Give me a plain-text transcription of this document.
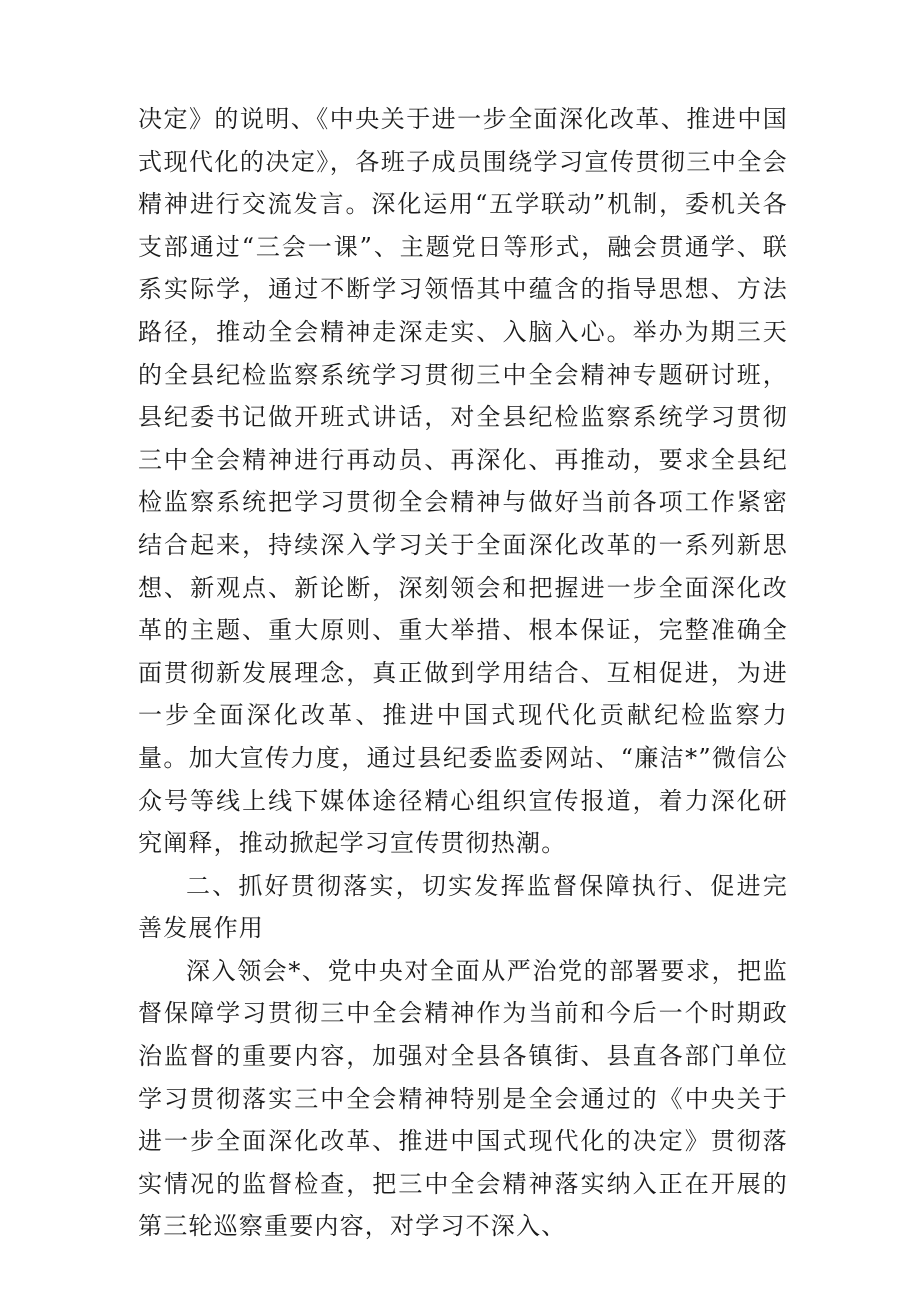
决定》的说明、《中央关于进一步全面深化改革、推进中国式现代化的决定》，各班子成员围绕学习宣传贯彻三中全会精神进行交流发言。深化运用“五学联动”机制，委机关各支部通过“三会一课”、主题党日等形式，融会贯通学、联系实际学，通过不断学习领悟其中蕴含的指导思想、方法路径，推动全会精神走深走实、入脑入心。举办为期三天的全县纪检监察系统学习贯彻三中全会精神专题研讨班，县纪委书记做开班式讲话，对全县纪检监察系统学习贯彻三中全会精神进行再动员、再深化、再推动，要求全县纪检监察系统把学习贯彻全会精神与做好当前各项工作紧密结合起来，持续深入学习关于全面深化改革的一系列新思想、新观点、新论断，深刻领会和把握进一步全面深化改革的主题、重大原则、重大举措、根本保证，完整准确全面贯彻新发展理念，真正做到学用结合、互相促进，为进一步全面深化改革、推进中国式现代化贡献纪检监察力量。加大宣传力度，通过县纪委监委网站、“廉洁*”微信公众号等线上线下媒体途径精心组织宣传报道，着力深化研究阐释，推动掀起学习宣传贯彻热潮。

二、抓好贯彻落实，切实发挥监督保障执行、促进完善发展作用

深入领会*、党中央对全面从严治党的部署要求，把监督保障学习贯彻三中全会精神作为当前和今后一个时期政治监督的重要内容，加强对全县各镇街、县直各部门单位学习贯彻落实三中全会精神特别是全会通过的《中央关于进一步全面深化改革、推进中国式现代化的决定》贯彻落实情况的监督检查，把三中全会精神落实纳入正在开展的第三轮巡察重要内容，对学习不深入、
